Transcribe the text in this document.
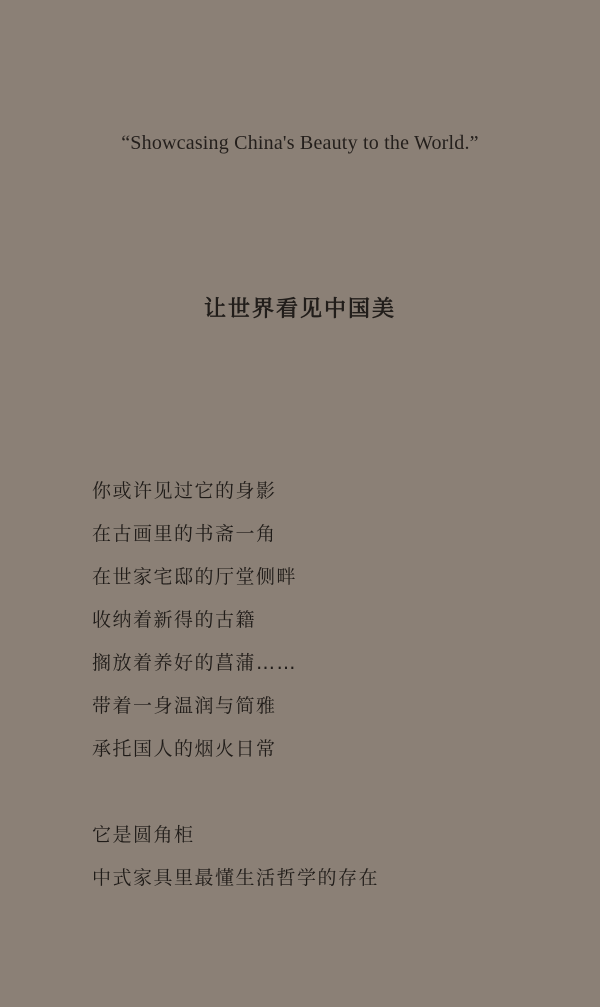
“Showcasing China's Beauty to the World.”
让世界看见中国美
你或许见过它的身影
在古画里的书斋一角
在世家宅邸的厅堂侧畔
收纳着新得的古籍
搁放着养好的菖蒲……
带着一身温润与简雅
承托国人的烟火日常
它是圆角柜
中式家具里最懂生活哲学的存在
